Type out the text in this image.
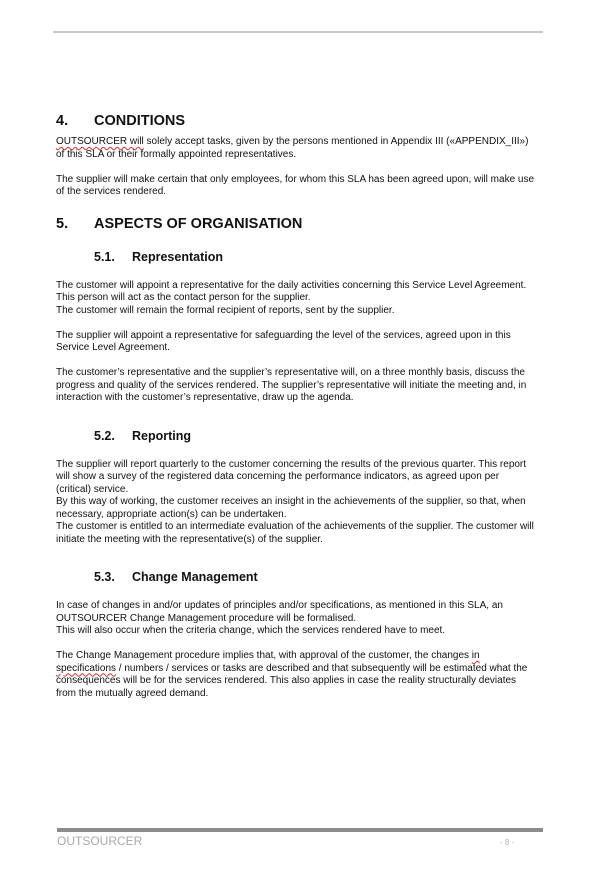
4.	CONDITIONS

OUTSOURCER will solely accept tasks, given by the persons mentioned in Appendix III («APPENDIX_III») of this SLA or their formally appointed representatives.

The supplier will make certain that only employees, for whom this SLA has been agreed upon, will make use of the services rendered.

5.	ASPECTS OF ORGANISATION
5.1.	Representation

The customer will appoint a representative for the daily activities concerning this Service Level Agreement. This person will act as the contact person for the supplier.

The customer will remain the formal recipient of reports, sent by the supplier.

The supplier will appoint a representative for safeguarding the level of the services, agreed upon in this Service Level Agreement.

The customer’s representative and the supplier’s representative will, on a three monthly basis, discuss the progress and quality of the services rendered. The supplier’s representative will initiate the meeting and, in interaction with the customer’s representative, draw up the agenda.

5.2.	Reporting

The supplier will report quarterly to the customer concerning the results of the previous quarter. This report will show a survey of the registered data concerning the performance indicators, as agreed upon per (critical) service.

By this way of working, the customer receives an insight in the achievements of the supplier, so that, when necessary, appropriate action(s) can be undertaken.

The customer is entitled to an intermediate evaluation of the achievements of the supplier. The customer will initiate the meeting with the representative(s) of the supplier.

5.3.	Change Management

In case of changes in and/or updates of principles and/or specifications, as mentioned in this SLA, an OUTSOURCER Change Management procedure will be formalised.

This will also occur when the criteria change, which the services rendered have to meet.

The Change Management procedure implies that, with approval of the customer, the changes in specifications / numbers / services or tasks are described and that subsequently will be estimated what the consequences will be for the services rendered. This also applies in case the reality structurally deviates from the mutually agreed demand.

OUTSOURCER	- 8 -
